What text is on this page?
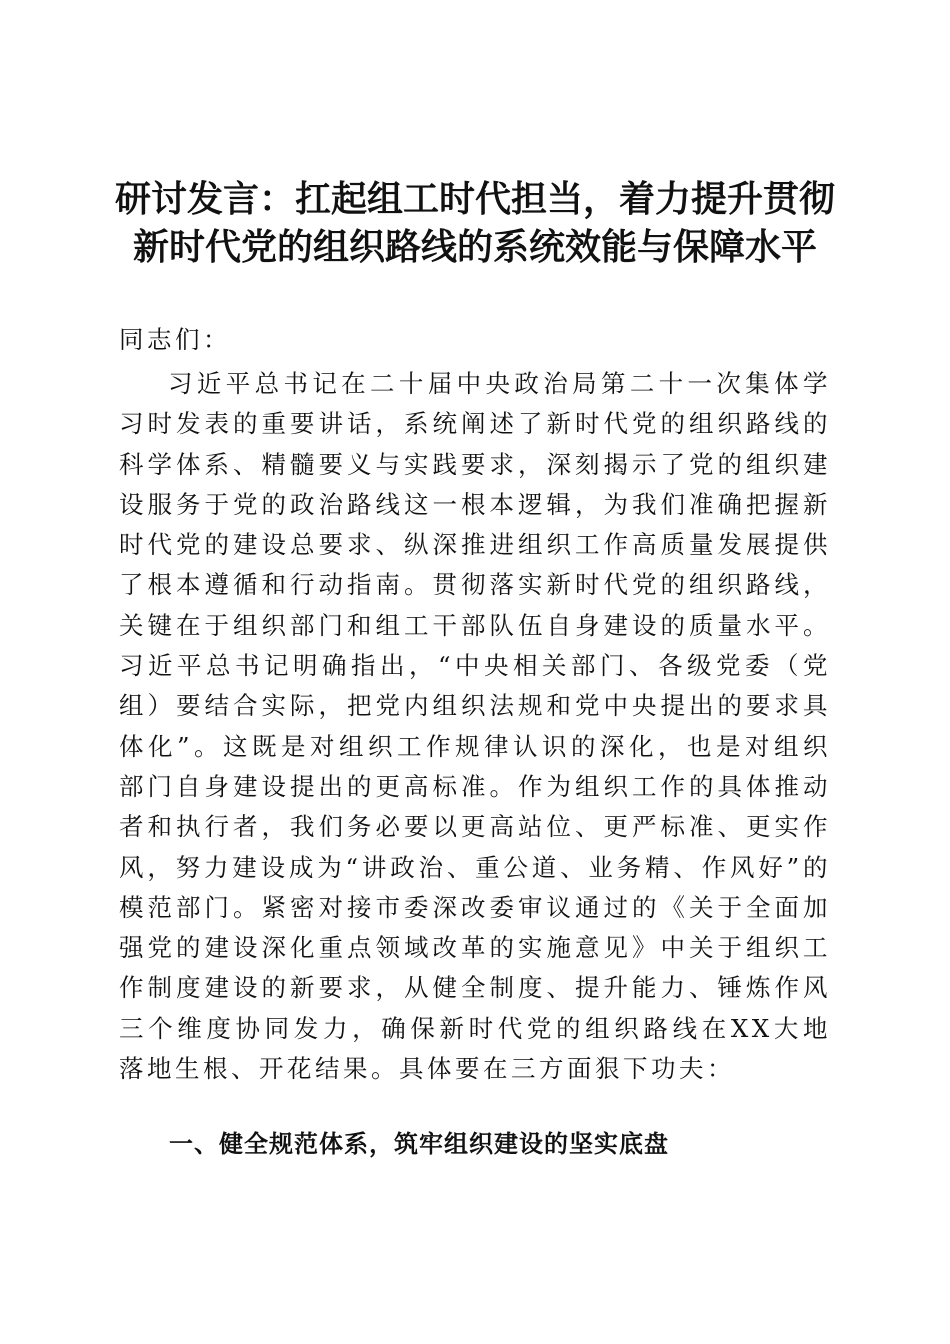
研讨发言：扛起组工时代担当，着力提升贯彻
新时代党的组织路线的系统效能与保障水平

同志们：

习近平总书记在二十届中央政治局第二十一次集体学习时发表的重要讲话，系统阐述了新时代党的组织路线的科学体系、精髓要义与实践要求，深刻揭示了党的组织建设服务于党的政治路线这一根本逻辑，为我们准确把握新时代党的建设总要求、纵深推进组织工作高质量发展提供了根本遵循和行动指南。贯彻落实新时代党的组织路线，关键在于组织部门和组工干部队伍自身建设的质量水平。习近平总书记明确指出，“中央相关部门、各级党委（党组）要结合实际，把党内组织法规和党中央提出的要求具体化”。这既是对组织工作规律认识的深化，也是对组织部门自身建设提出的更高标准。作为组织工作的具体推动者和执行者，我们务必要以更高站位、更严标准、更实作风，努力建设成为“讲政治、重公道、业务精、作风好”的模范部门。紧密对接市委深改委审议通过的《关于全面加强党的建设深化重点领域改革的实施意见》中关于组织工作制度建设的新要求，从健全制度、提升能力、锤炼作风三个维度协同发力，确保新时代党的组织路线在XX大地落地生根、开花结果。具体要在三方面狠下功夫：

一、健全规范体系，筑牢组织建设的坚实底盘
